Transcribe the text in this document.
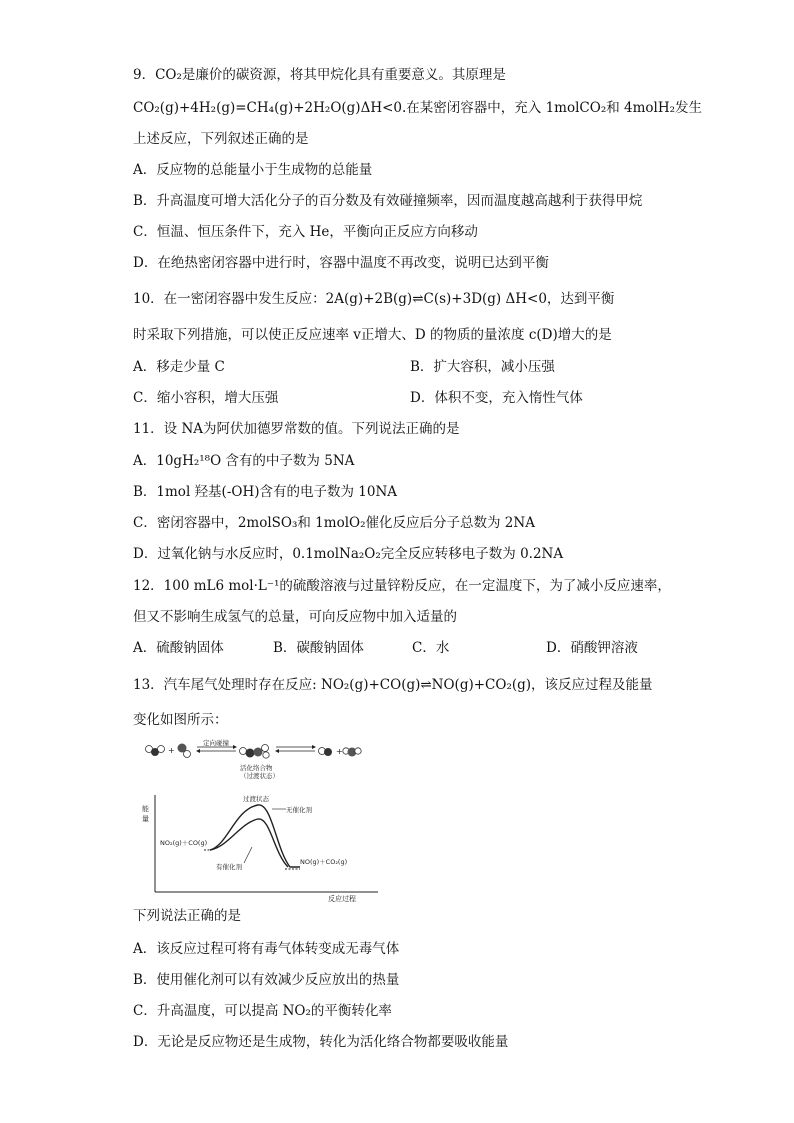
9．CO₂是廉价的碳资源，将其甲烷化具有重要意义。其原理是
CO₂(g)+4H₂(g)=CH₄(g)+2H₂O(g)ΔH<0.在某密闭容器中，充入 1molCO₂和 4molH₂发生
上述反应，下列叙述正确的是
A．反应物的总能量小于生成物的总能量
B．升高温度可增大活化分子的百分数及有效碰撞频率，因而温度越高越利于获得甲烷
C．恒温、恒压条件下，充入 He，平衡向正反应方向移动
D．在绝热密闭容器中进行时，容器中温度不再改变，说明已达到平衡
10．在一密闭容器中发生反应：2A(g)+2B(g)⇌C(s)+3D(g) ΔH<0，达到平衡
时采取下列措施，可以使正反应速率 v正增大、D 的物质的量浓度 c(D)增大的是
A．移走少量 C	B．扩大容积，减小压强
C．缩小容积，增大压强	D．体积不变，充入惰性气体
11．设 NA为阿伏加德罗常数的值。下列说法正确的是
A．10gH₂¹⁸O 含有的中子数为 5NA
B．1mol 羟基(-OH)含有的电子数为 10NA
C．密闭容器中，2molSO₃和 1molO₂催化反应后分子总数为 2NA
D．过氧化钠与水反应时，0.1molNa₂O₂完全反应转移电子数为 0.2NA
12．100 mL6 mol·L⁻¹的硫酸溶液与过量锌粉反应，在一定温度下，为了减小反应速率，
但又不影响生成氢气的总量，可向反应物中加入适量的
A．硫酸钠固体	B．碳酸钠固体	C．水	D．硝酸钾溶液
13．汽车尾气处理时存在反应: NO₂(g)+CO(g)⇌NO(g)+CO₂(g)，该反应过程及能量
变化如图所示：
+
定向碰撞
活化络合物
（过渡状态）
+
能
量
反应过程
过渡状态
无催化剂
NO₂(g)＋CO(g)
有催化剂
NO(g)＋CO₂(g)
下列说法正确的是
A．该反应过程可将有毒气体转变成无毒气体
B．使用催化剂可以有效减少反应放出的热量
C．升高温度，可以提高 NO₂的平衡转化率
D．无论是反应物还是生成物，转化为活化络合物都要吸收能量
